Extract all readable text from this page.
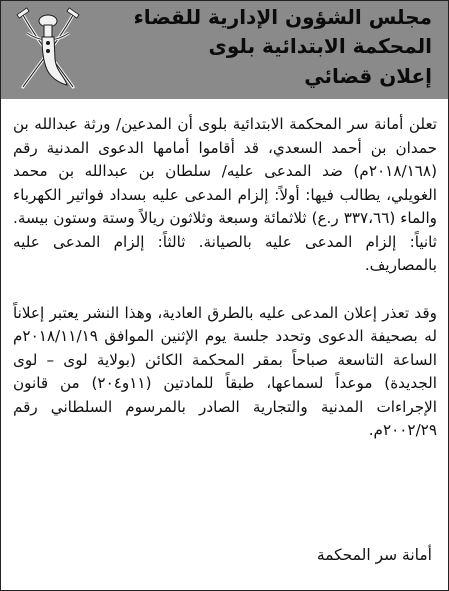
مجلس الشؤون الإدارية للقضاء
المحكمة الابتدائية بلوى
إعلان قضائي

تعلن أمانة سر المحكمة الابتدائية بلوى أن المدعين/ ورثة عبدالله بن حمدان بن أحمد السعدي، قد أقاموا أمامها الدعوى المدنية رقم (٢٠١٨/١٦٨م) ضد المدعى عليه/ سلطان بن عبدالله بن محمد الغويلي، يطالب فيها: أولاً: إلزام المدعى عليه بسداد فواتير الكهرباء والماء (٣٣٧،٦٦ ر.ع) ثلاثمائة وسبعة وثلاثون ريالاً وستة وستون بيسة. ثانياً: إلزام المدعى عليه بالصيانة. ثالثاً: إلزام المدعى عليه بالمصاريف.

وقد تعذر إعلان المدعى عليه بالطرق العادية، وهذا النشر يعتبر إعلاناً له بصحيفة الدعوى وتحدد جلسة يوم الإثنين الموافق ٢٠١٨/١١/١٩م الساعة التاسعة صباحاً بمقر المحكمة الكائن (بولاية لوى – لوى الجديدة) موعداً لسماعها، طبقاً للمادتين (١١و٢٠٤) من قانون الإجراءات المدنية والتجارية الصادر بالمرسوم السلطاني رقم ٢٠٠٢/٢٩م.

أمانة سر المحكمة
